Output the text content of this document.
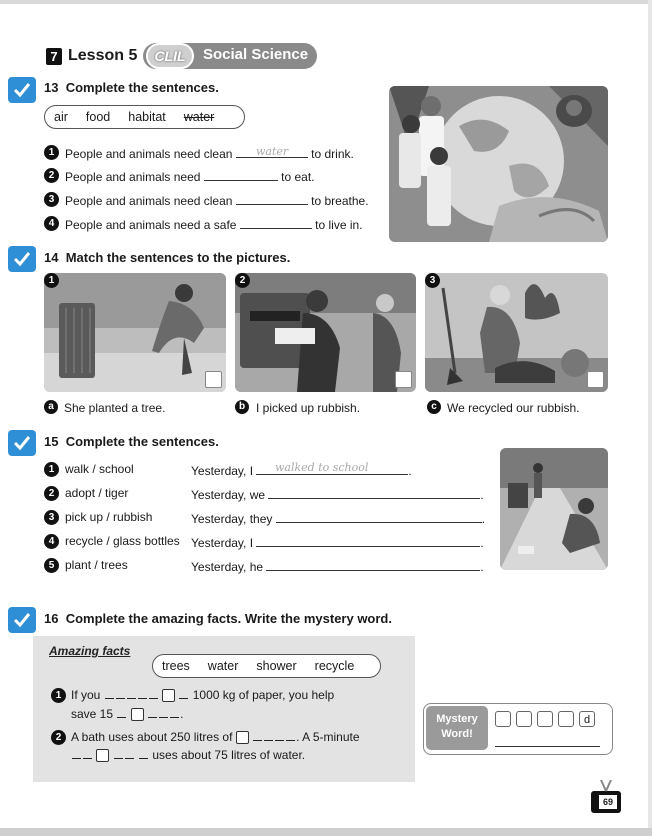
7 Lesson 5	CLIL	Social Science
13 Complete the sentences.
air food habitat water
1 People and animals need clean	to drink.
water
2 People and animals need	to eat.
3 People and animals need clean	to breathe.
4 People and animals need a safe	to live in.
14 Match the sentences to the pictures.
1	2	3
a She planted a tree.	b I picked up rubbish.	c We recycled our rubbish.
15 Complete the sentences.
1 walk / school	Yesterday, I	.
walked to school
2 adopt / tiger	Yesterday, we	.
3 pick up / rubbish	Yesterday, they	.
4 recycle / glass bottles Yesterday, I	.
5 plant / trees	Yesterday, he	.
16 Complete the amazing facts. Write the mystery word.
Amazing facts
trees water shower recycle
1 If you	1000 kg of paper, you help
save 15	.
2 A bath uses about 250 litres of	. A 5-minute
uses about 75 litres of water.
Mystery
Word!
d
69
